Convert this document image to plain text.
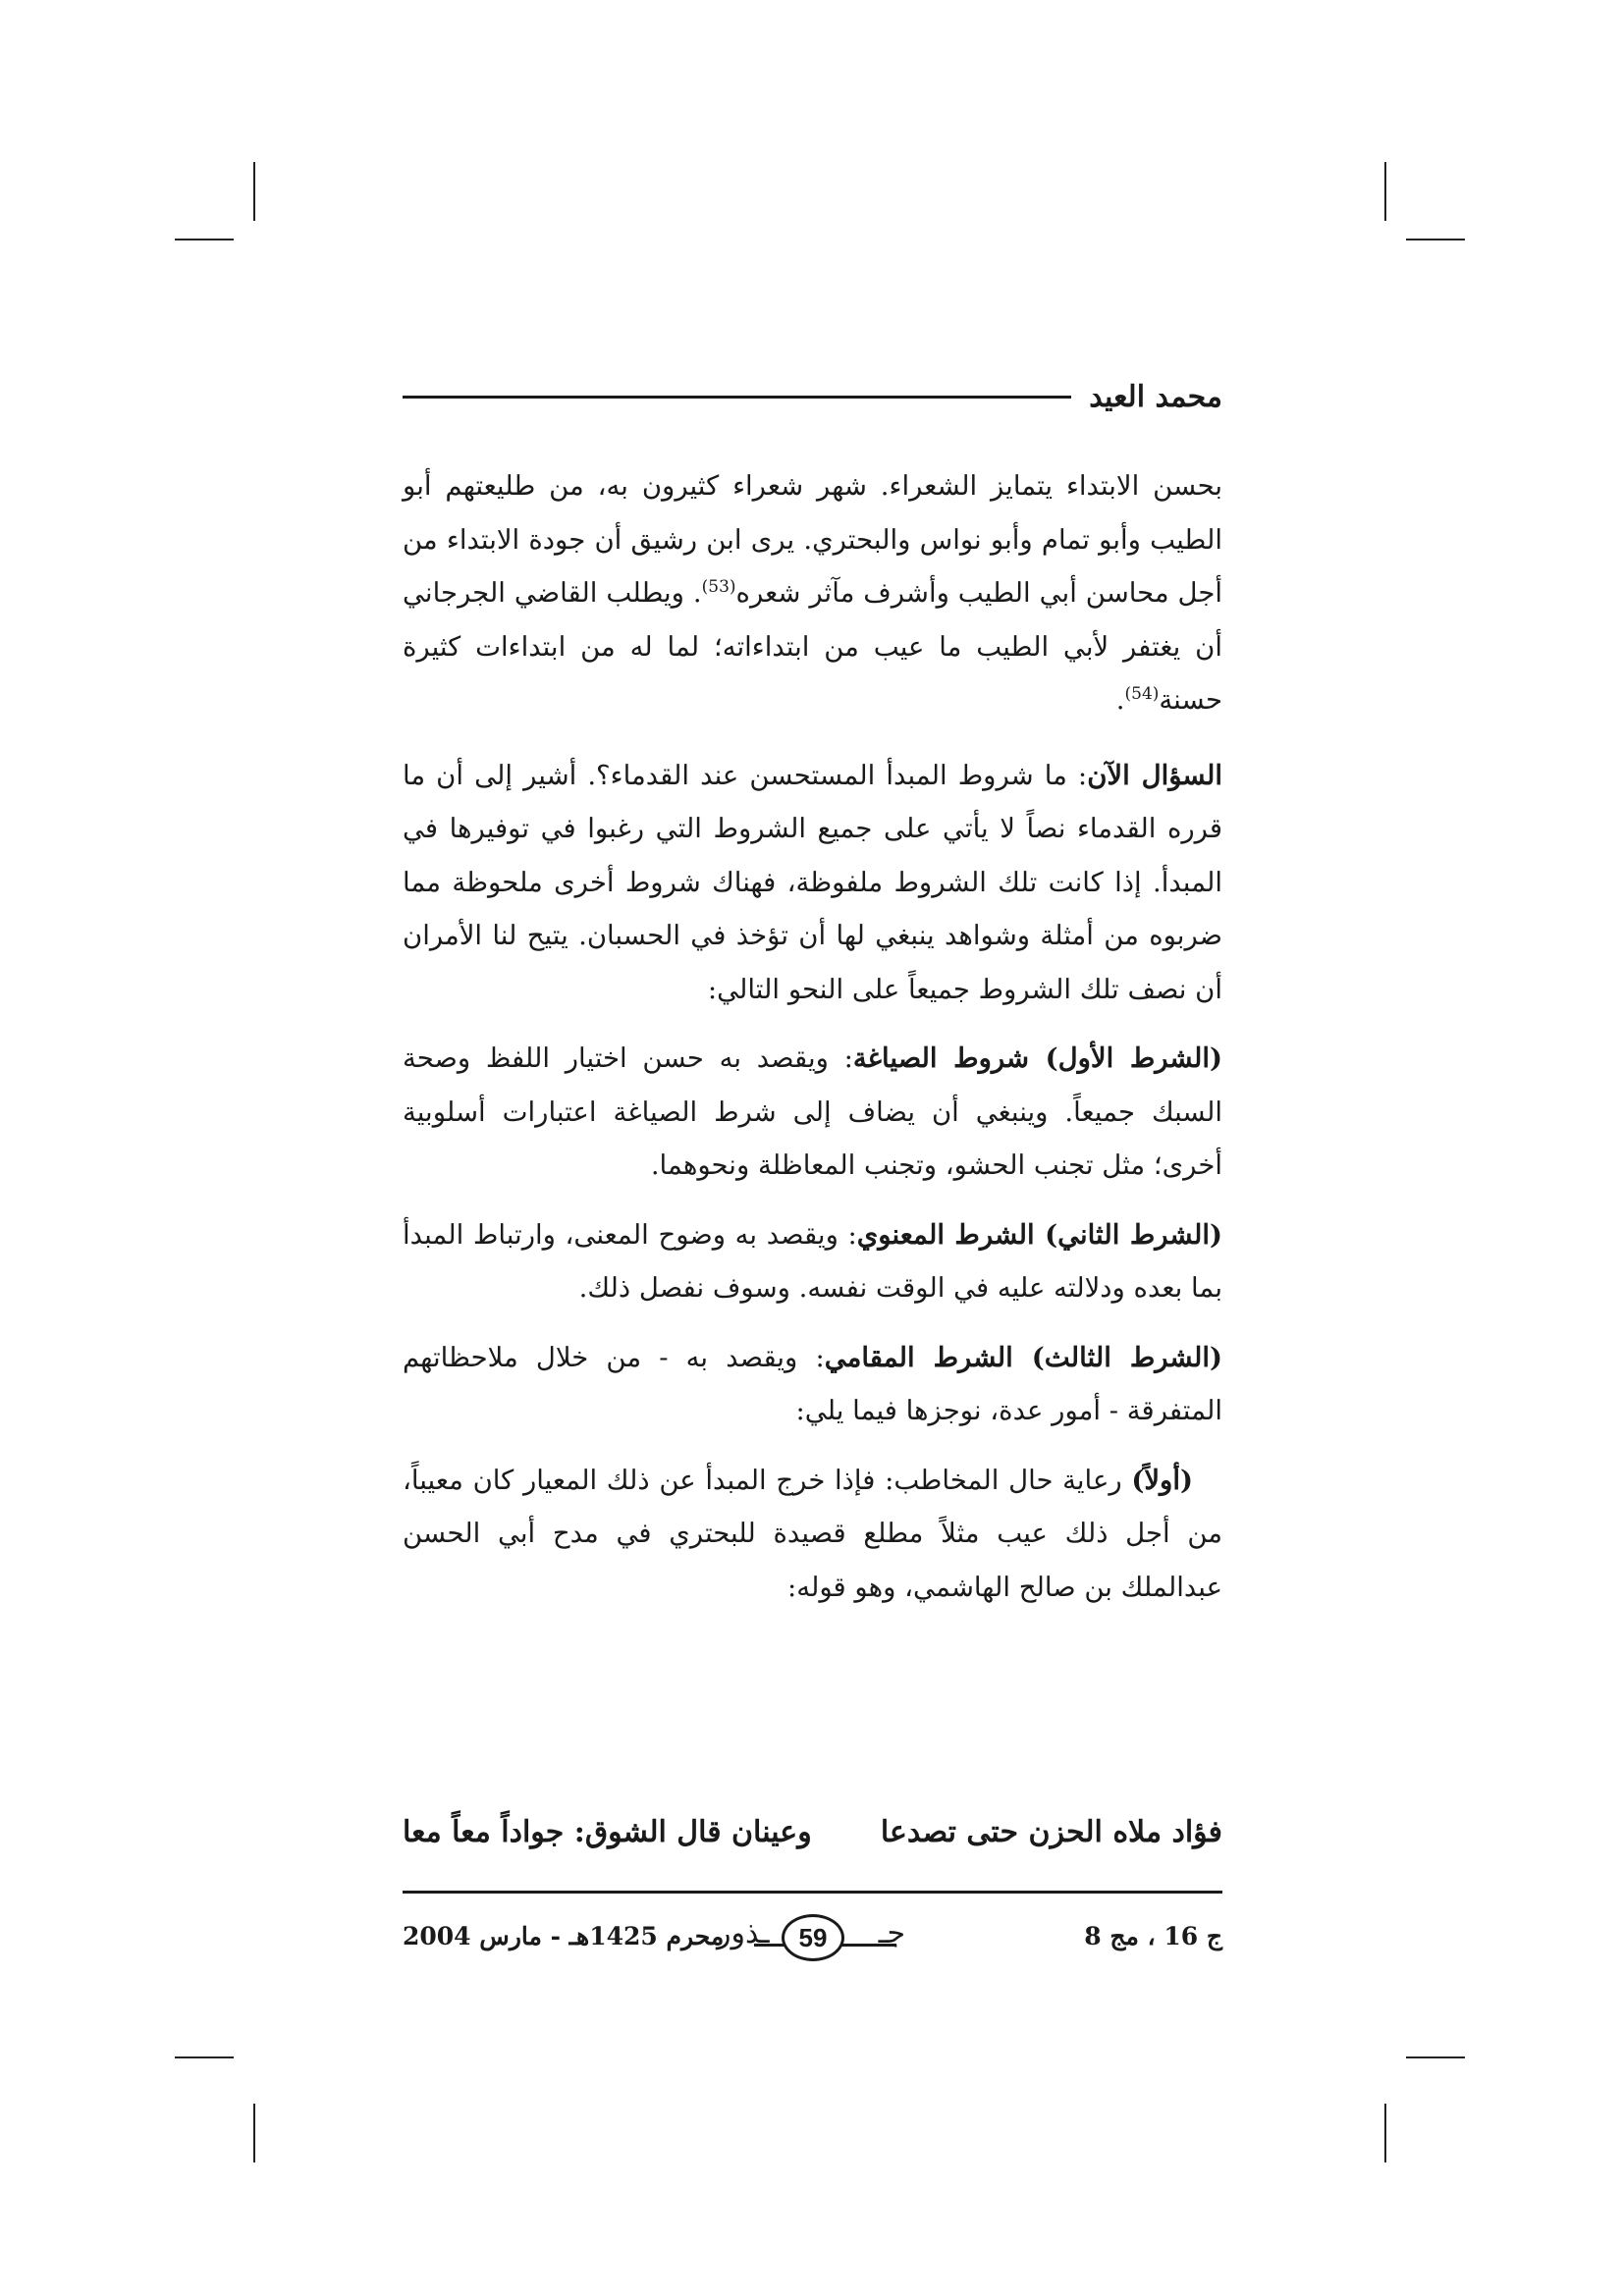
محمد العيد

بحسن الابتداء يتمايز الشعراء. شهر شعراء كثيرون به، من طليعتهم أبو الطيب وأبو تمام وأبو نواس والبحتري. يرى ابن رشيق أن جودة الابتداء من أجل محاسن أبي الطيب وأشرف مآثر شعره$^{(53)}$. ويطلب القاضي الجرجاني أن يغتفر لأبي الطيب ما عيب من ابتداءاته؛ لما له من ابتداءات كثيرة حسنة$^{(54)}$.

السؤال الآن: ما شروط المبدأ المستحسن عند القدماء؟. أشير إلى أن ما قرره القدماء نصاً لا يأتي على جميع الشروط التي رغبوا في توفيرها في المبدأ. إذا كانت تلك الشروط ملفوظة، فهناك شروط أخرى ملحوظة مما ضربوه من أمثلة وشواهد ينبغي لها أن تؤخذ في الحسبان. يتيح لنا الأمران أن نصف تلك الشروط جميعاً على النحو التالي:

(الشرط الأول) شروط الصياغة: ويقصد به حسن اختيار اللفظ وصحة السبك جميعاً. وينبغي أن يضاف إلى شرط الصياغة اعتبارات أسلوبية أخرى؛ مثل تجنب الحشو، وتجنب المعاظلة ونحوهما.

(الشرط الثاني) الشرط المعنوي: ويقصد به وضوح المعنى، وارتباط المبدأ بما بعده ودلالته عليه في الوقت نفسه. وسوف نفصل ذلك.

(الشرط الثالث) الشرط المقامي: ويقصد به - من خلال ملاحظاتهم المتفرقة - أمور عدة، نوجزها فيما يلي:

(أولاً) رعاية حال المخاطب: فإذا خرج المبدأ عن ذلك المعيار كان معيباً، من أجل ذلك عيب مثلاً مطلع قصيدة للبحتري في مدح أبي الحسن عبدالملك بن صالح الهاشمي، وهو قوله:

فؤاد ملاه الحزن حتى تصدعا
وعينان قال الشوق: جواداً معاً معا
ج 16 ، مج 8
جـ
ـذور	59
محرم 1425هـ - مارس 2004
